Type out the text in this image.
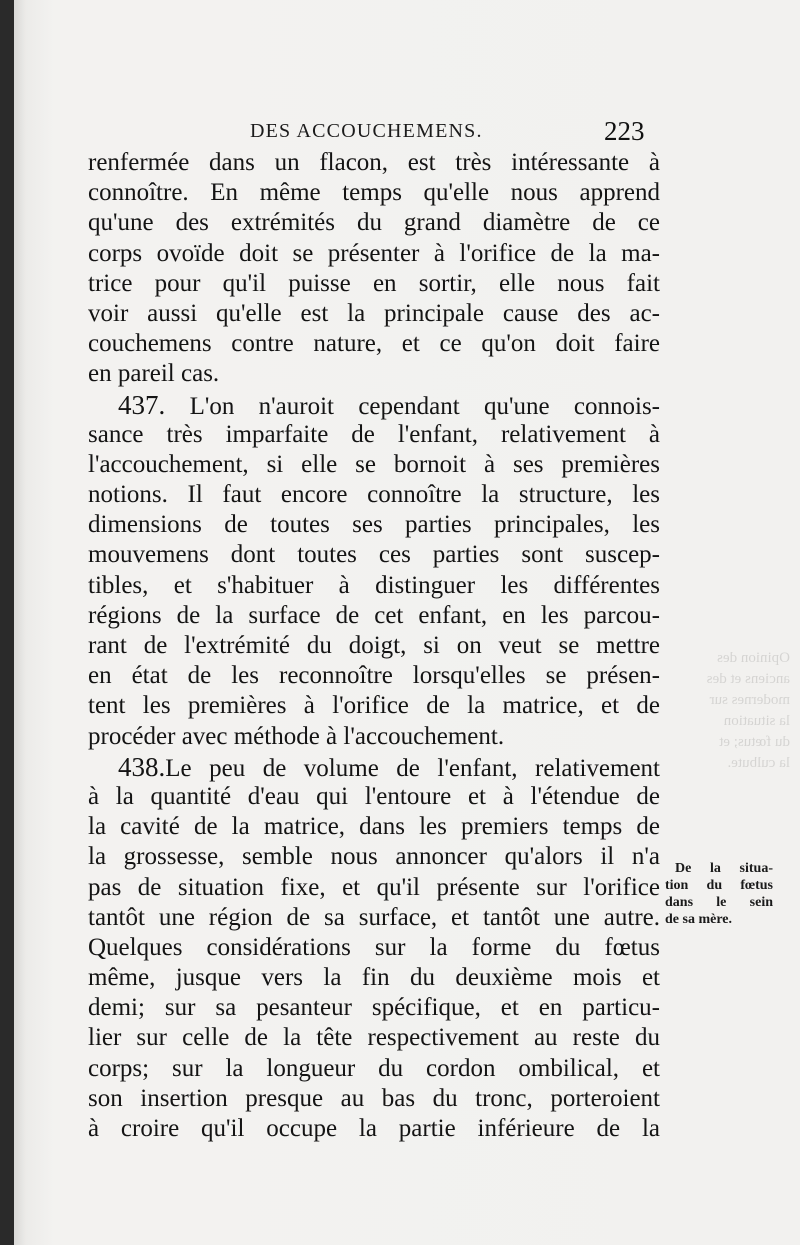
DES ACCOUCHEMENS.	223
Opinion des
anciens et des
modernes sur
la situation
du fœtus; et
la culbute.
renfermée dans un flacon, est très intéressante à
connoître. En même temps qu'elle nous apprend
qu'une des extrémités du grand diamètre de ce
corps ovoïde doit se présenter à l'orifice de la ma-
trice pour qu'il puisse en sortir, elle nous fait
voir aussi qu'elle est la principale cause des ac-
couchemens contre nature, et ce qu'on doit faire
en pareil cas.
437. L'on n'auroit cependant qu'une connois-
sance très imparfaite de l'enfant, relativement à
l'accouchement, si elle se bornoit à ses premières
notions. Il faut encore connoître la structure, les
dimensions de toutes ses parties principales, les
mouvemens dont toutes ces parties sont suscep-
tibles, et s'habituer à distinguer les différentes
régions de la surface de cet enfant, en les parcou-
rant de l'extrémité du doigt, si on veut se mettre
en état de les reconnoître lorsqu'elles se présen-
tent les premières à l'orifice de la matrice, et de
procéder avec méthode à l'accouchement.
438.Le peu de volume de l'enfant, relativement
à la quantité d'eau qui l'entoure et à l'étendue de
la cavité de la matrice, dans les premiers temps de
la grossesse, semble nous annoncer qu'alors il n'a
pas de situation fixe, et qu'il présente sur l'orifice
tantôt une région de sa surface, et tantôt une autre.
Quelques considérations sur la forme du fœtus
même, jusque vers la fin du deuxième mois et
demi; sur sa pesanteur spécifique, et en particu-
lier sur celle de la tête respectivement au reste du
corps; sur la longueur du cordon ombilical, et
son insertion presque au bas du tronc, porteroient
à croire qu'il occupe la partie inférieure de la
De la situa-
tion du fœtus
dans le sein
de sa mère.
